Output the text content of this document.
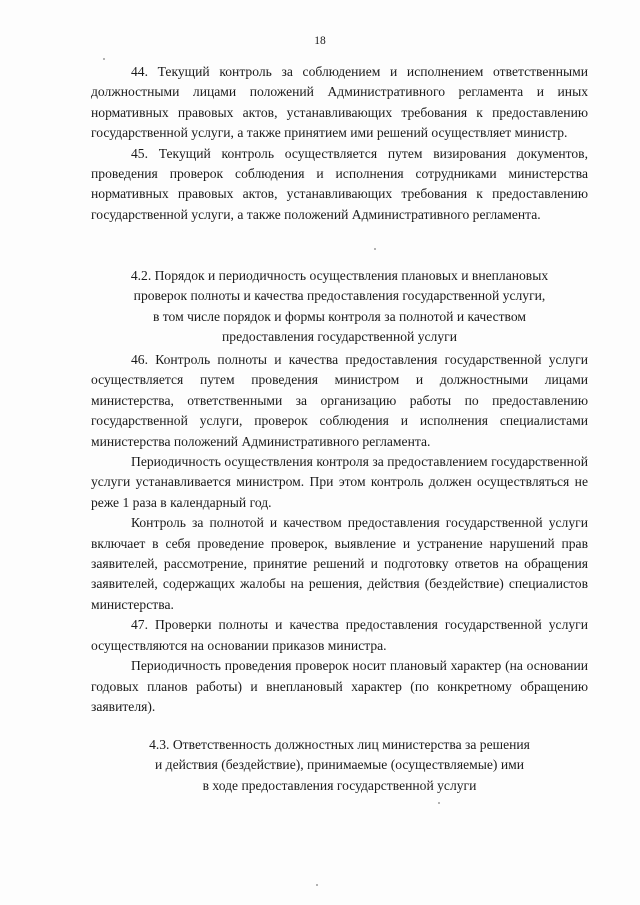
18

44. Текущий контроль за соблюдением и исполнением ответственными должностными лицами положений Административного регламента и иных нормативных правовых актов, устанавливающих требования к предоставлению государственной услуги, а также принятием ими решений осуществляет министр.

45. Текущий контроль осуществляется путем визирования документов, проведения проверок соблюдения и исполнения сотрудниками министерства нормативных правовых актов, устанавливающих требования к предоставлению государственной услуги, а также положений Административного регламента.

4.2. Порядок и периодичность осуществления плановых и внеплановых

проверок полноты и качества предоставления государственной услуги,

в том числе порядок и формы контроля за полнотой и качеством

предоставления государственной услуги

46. Контроль полноты и качества предоставления государственной услуги осуществляется путем проведения министром и должностными лицами министерства, ответственными за организацию работы по предоставлению государственной услуги, проверок соблюдения и исполнения специалистами министерства положений Административного регламента.

Периодичность осуществления контроля за предоставлением государственной услуги устанавливается министром. При этом контроль должен осуществляться не реже 1 раза в календарный год.

Контроль за полнотой и качеством предоставления государственной услуги включает в себя проведение проверок, выявление и устранение нарушений прав заявителей, рассмотрение, принятие решений и подготовку ответов на обращения заявителей, содержащих жалобы на решения, действия (бездействие) специалистов министерства.

47. Проверки полноты и качества предоставления государственной услуги осуществляются на основании приказов министра.

Периодичность проведения проверок носит плановый характер (на основании годовых планов работы) и внеплановый характер (по конкретному обращению заявителя).

4.3. Ответственность должностных лиц министерства за решения

и действия (бездействие), принимаемые (осуществляемые) ими

в ходе предоставления государственной услуги
